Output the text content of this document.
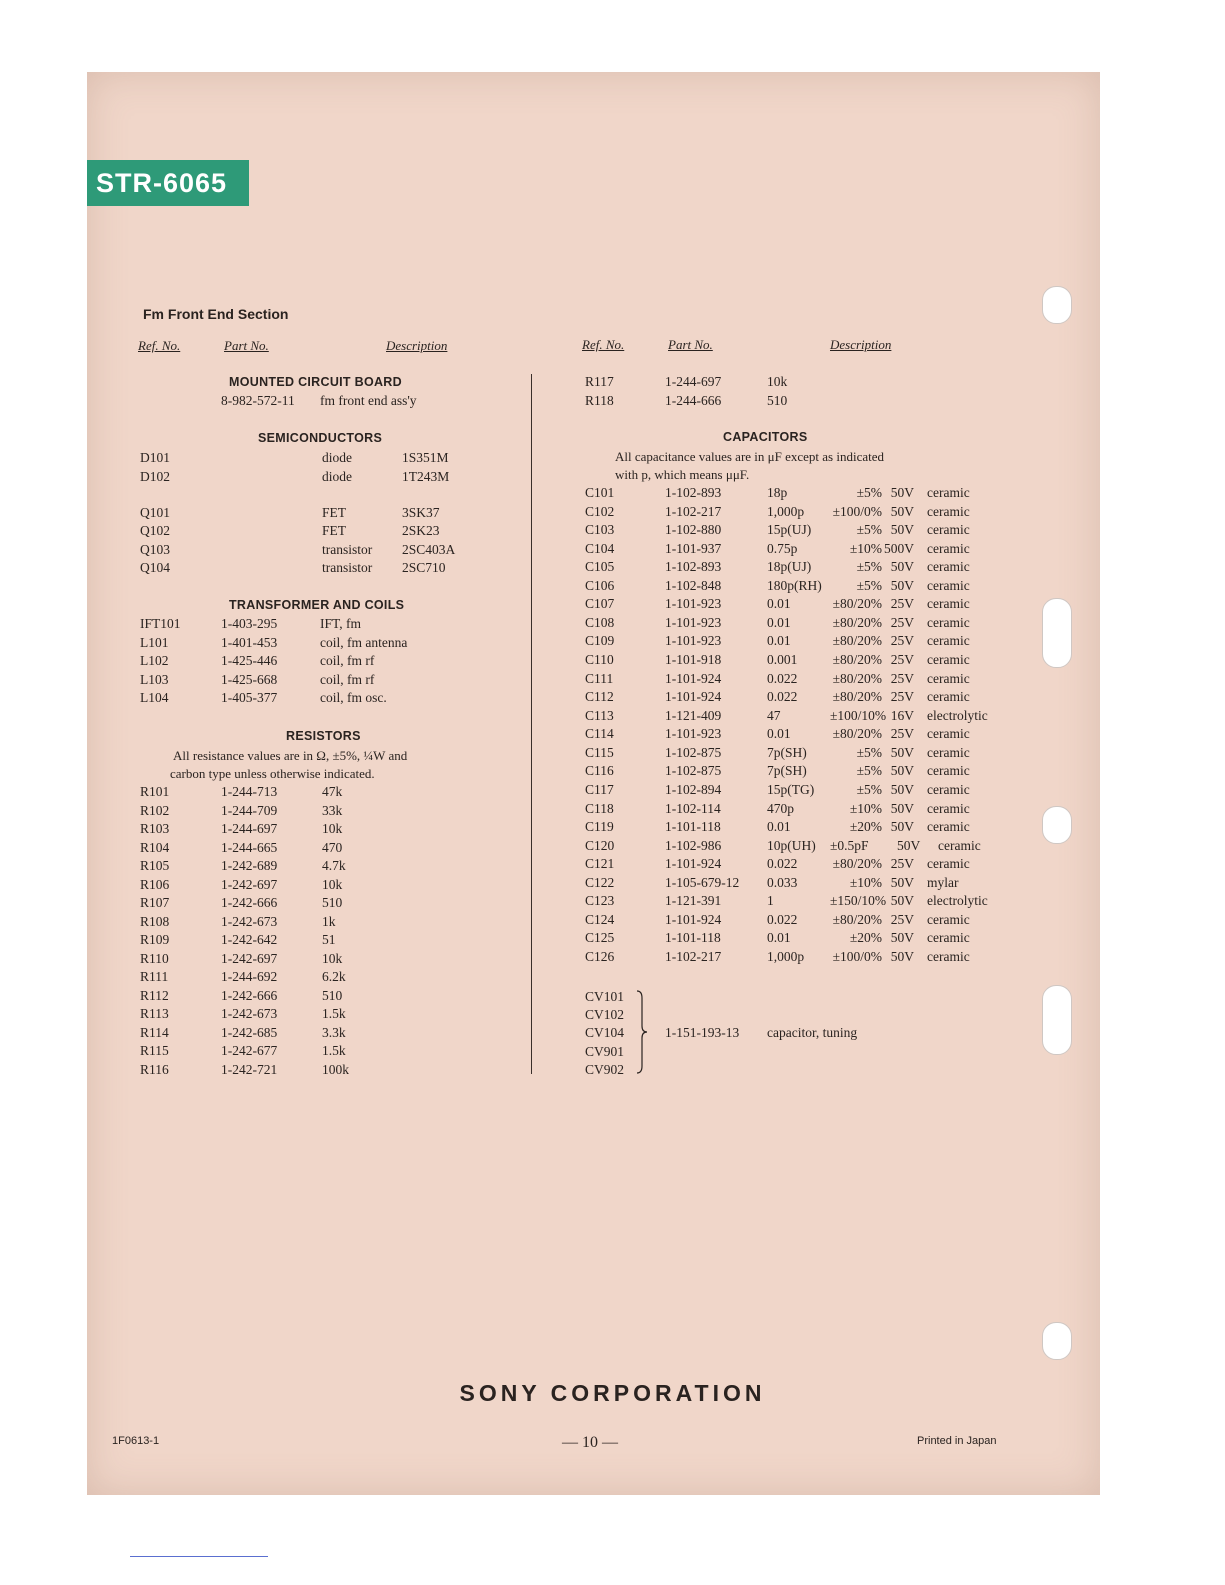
STR-6065
Fm Front End Section
Ref. No.	Part No.	Description	Ref. No.	Part No.	Description
SONY CORPORATION
— 10 —
1F0613-1	Printed in Japan
MOUNTED CIRCUIT BOARD
8-982-572-11 fm front end ass'y
SEMICONDUCTORS
D101	diode	1S351M
D102	diode	1T243M
Q101	FET	3SK37
Q102	FET	2SK23
Q103	transistor 2SC403A
Q104	transistor 2SC710
TRANSFORMER AND COILS
IFT101	1-403-295	IFT, fm
L101	1-401-453	coil, fm antenna
L102	1-425-446	coil, fm rf
L103	1-425-668	coil, fm rf
L104	1-405-377	coil, fm osc.
RESISTORS
All resistance values are in Ω, ±5%, ¼W and
carbon type unless otherwise indicated.
R101	1-244-713	47k
R102	1-244-709	33k
R103	1-244-697	10k
R104	1-244-665	470
R105	1-242-689	4.7k
R106	1-242-697	10k
R107	1-242-666	510
R108	1-242-673	1k
R109	1-242-642	51
R110	1-242-697	10k
R111	1-244-692	6.2k
R112	1-242-666	510
R113	1-242-673	1.5k
R114	1-242-685	3.3k
R115	1-242-677	1.5k
R116	1-242-721	100k
R117	1-244-697	10k
R118	1-244-666	510
CAPACITORS
All capacitance values are in μF except as indicated
with p, which means μμF.
C101	1-102-893	18p	±5% 50V ceramic
C102	1-102-217	1,000p ±100/0% 50V ceramic
C103	1-102-880	15p(UJ)	±5% 50V ceramic
C104	1-101-937	0.75p	±10% 500V ceramic
C105	1-102-893	18p(UJ)	±5% 50V ceramic
C106	1-102-848	180p(RH)	±5% 50V ceramic
C107	1-101-923	0.01	±80/20% 25V ceramic
C108	1-101-923	0.01	±80/20% 25V ceramic
C109	1-101-923	0.01	±80/20% 25V ceramic
C110	1-101-918	0.001	±80/20% 25V ceramic
C111	1-101-924	0.022	±80/20% 25V ceramic
C112	1-101-924	0.022	±80/20% 25V ceramic
C113	1-121-409	47	±100/10% 16V electrolytic
C114	1-101-923	0.01	±80/20% 25V ceramic
C115	1-102-875	7p(SH)	±5% 50V ceramic
C116	1-102-875	7p(SH)	±5% 50V ceramic
C117	1-102-894	15p(TG)	±5% 50V ceramic
C118	1-102-114	470p	±10% 50V ceramic
C119	1-101-118	0.01	±20% 50V ceramic
C120	1-102-986	10p(UH) ±0.5pF 50V ceramic
C121	1-101-924	0.022	±80/20% 25V ceramic
C122	1-105-679-12 0.033	±10% 50V mylar
C123	1-121-391	1	±150/10% 50V electrolytic
C124	1-101-924	0.022	±80/20% 25V ceramic
C125	1-101-118	0.01	±20% 50V ceramic
C126	1-102-217	1,000p ±100/0% 50V ceramic
CV101
CV102
CV104
CV901
CV902
1-151-193-13 capacitor, tuning
